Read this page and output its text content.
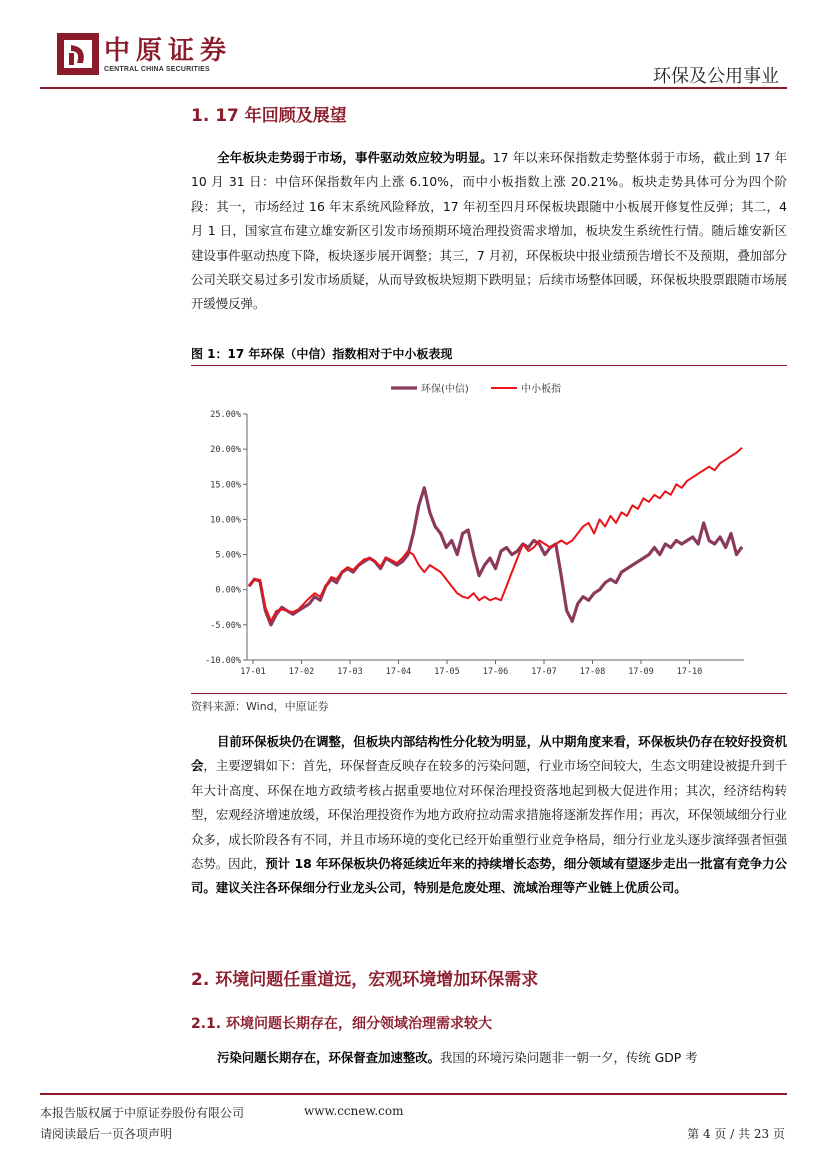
中原证券
CENTRAL CHINA SECURITIES	环保及公用事业
1. 17 年回顾及展望
全年板块走势弱于市场，事件驱动效应较为明显。17 年以来环保指数走势整体弱于市场，截止到 17 年 10 月 31 日：中信环保指数年内上涨 6.10%，而中小板指数上涨 20.21%。板块走势具体可分为四个阶段：其一，市场经过 16 年末系统风险释放，17 年初至四月环保板块跟随中小板展开修复性反弹；其二，4 月 1 日，国家宣布建立雄安新区引发市场预期环境治理投资需求增加，板块发生系统性行情。随后雄安新区建设事件驱动热度下降，板块逐步展开调整；其三，7 月初，环保板块中报业绩预告增长不及预期，叠加部分公司关联交易过多引发市场质疑，从而导致板块短期下跌明显；后续市场整体回暖，环保板块股票跟随市场展开缓慢反弹。
图 1：17 年环保（中信）指数相对于中小板表现
环保(中信)	中小板指
25.00%
20.00%
15.00%
10.00%
5.00%
0.00%
-5.00%
-10.00%
17-01	17-02	17-03	17-04	17-05	17-06	17-07	17-08	17-09	17-10
资料来源：Wind，中原证券
目前环保板块仍在调整，但板块内部结构性分化较为明显，从中期角度来看，环保板块仍存在较好投资机会，主要逻辑如下：首先，环保督查反映存在较多的污染问题，行业市场空间较大，生态文明建设被提升到千年大计高度、环保在地方政绩考核占据重要地位对环保治理投资落地起到极大促进作用；其次，经济结构转型，宏观经济增速放缓，环保治理投资作为地方政府拉动需求措施将逐渐发挥作用；再次，环保领域细分行业众多，成长阶段各有不同，并且市场环境的变化已经开始重塑行业竞争格局，细分行业龙头逐步演绎强者恒强态势。因此，预计 18 年环保板块仍将延续近年来的持续增长态势，细分领域有望逐步走出一批富有竞争力公司。建议关注各环保细分行业龙头公司，特别是危废处理、流域治理等产业链上优质公司。
2. 环境问题任重道远，宏观环境增加环保需求
2.1. 环境问题长期存在，细分领域治理需求较大
污染问题长期存在，环保督查加速整改。我国的环境污染问题非一朝一夕，传统 GDP 考
本报告版权属于中原证券股份有限公司	www.ccnew.com
请阅读最后一页各项声明	第 4 页 / 共 23 页
